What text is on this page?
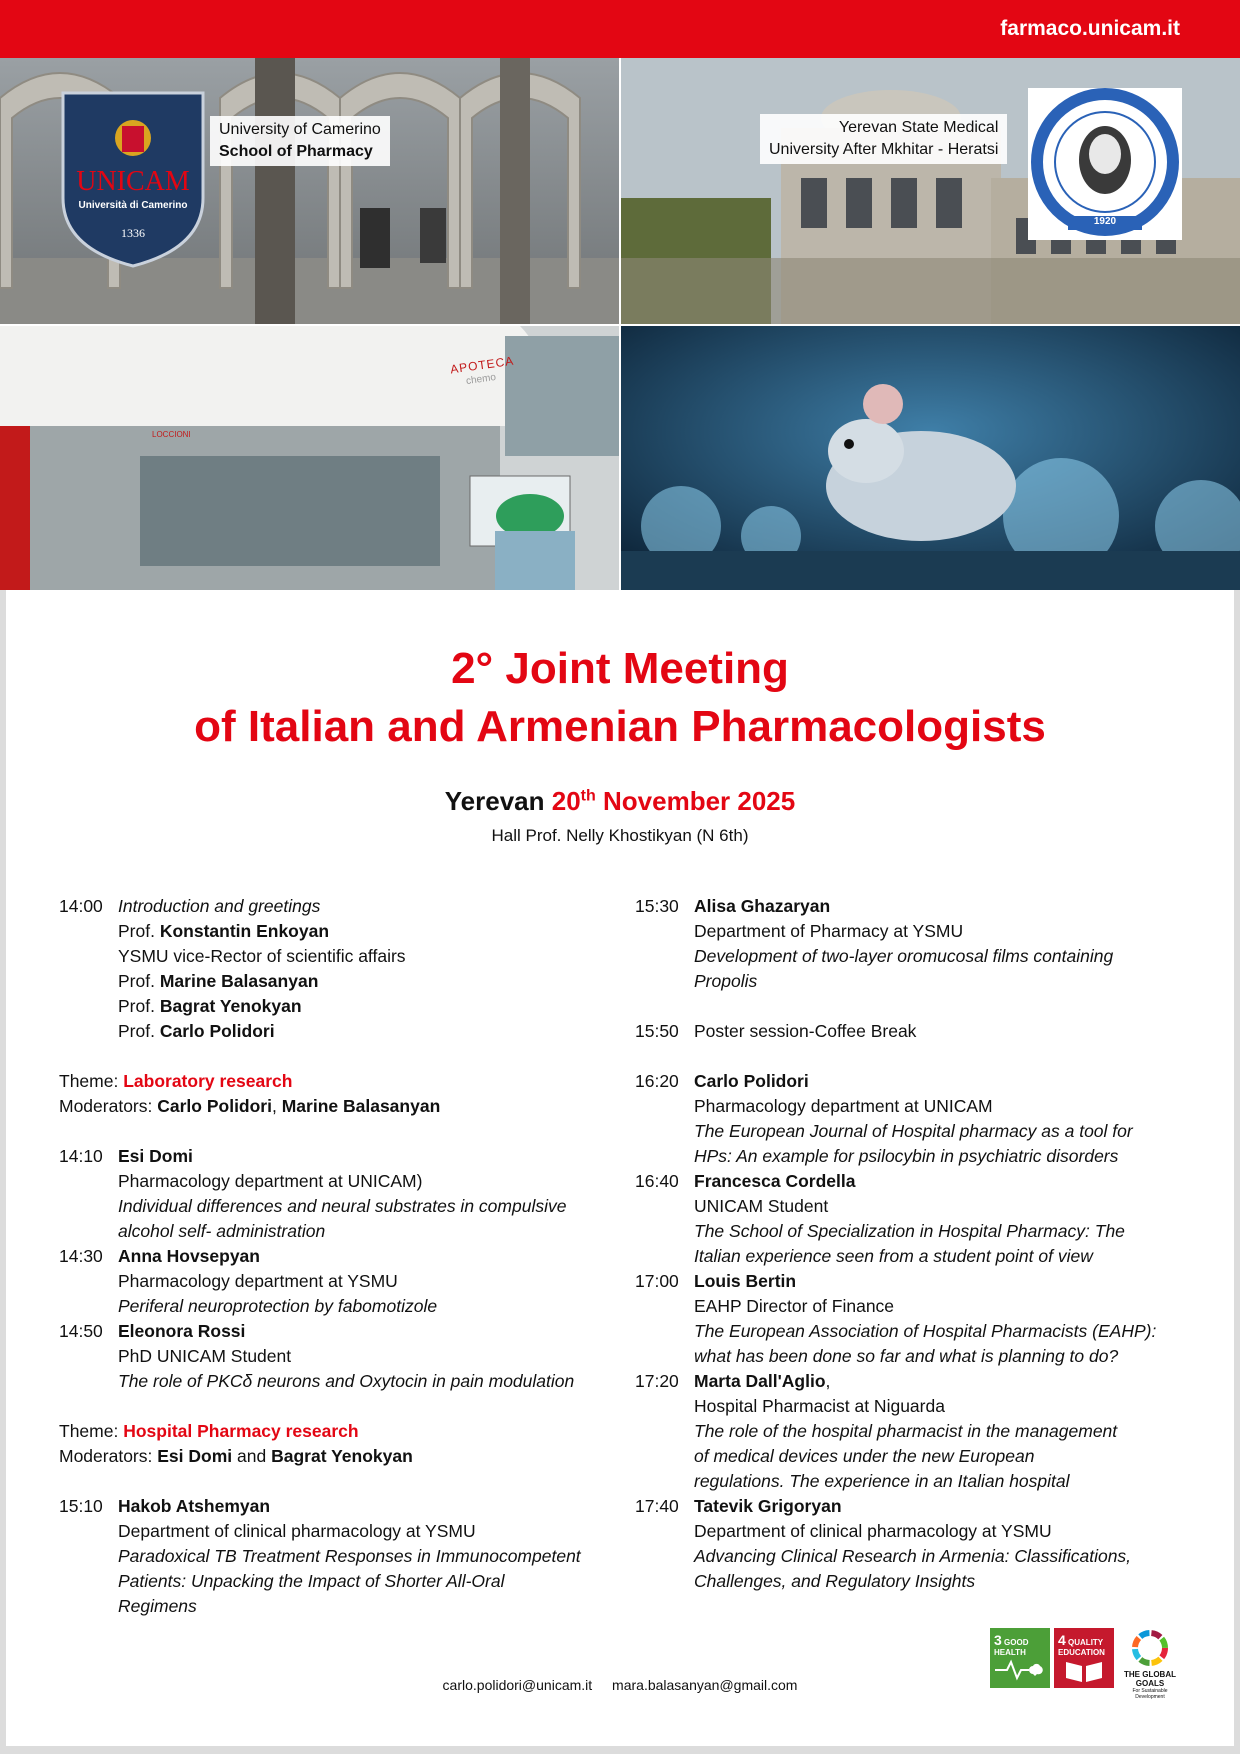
farmaco.unicam.it
UNICAM
Università di Camerino
1336
University of Camerino
School of Pharmacy
Yerevan State Medical
University After Mkhitar - Heratsi
1920
APOTECA
chemo
LOCCIONI
2° Joint Meeting
of Italian and Armenian Pharmacologists
Yerevan 20th November 2025
Hall Prof. Nelly Khostikyan (N 6th)
14:00 Introduction and greetings
Prof. Konstantin Enkoyan
YSMU vice-Rector of scientific affairs
Prof. Marine Balasanyan
Prof. Bagrat Yenokyan
Prof. Carlo Polidori
Theme: Laboratory research
Moderators: Carlo Polidori, Marine Balasanyan
14:10 Esi Domi
Pharmacology department at UNICAM)
Individual differences and neural substrates in compulsive
alcohol self- administration
14:30 Anna Hovsepyan
Pharmacology department at YSMU
Periferal neuroprotection by fabomotizole
14:50 Eleonora Rossi
PhD UNICAM Student
The role of PKCδ neurons and Oxytocin in pain modulation
Theme: Hospital Pharmacy research
Moderators: Esi Domi and Bagrat Yenokyan
15:10 Hakob Atshemyan
Department of clinical pharmacology at YSMU
Paradoxical TB Treatment Responses in Immunocompetent
Patients: Unpacking the Impact of Shorter All-Oral
Regimens
15:30 Alisa Ghazaryan
Department of Pharmacy at YSMU
Development of two-layer oromucosal films containing
Propolis
15:50 Poster session-Coffee Break
16:20 Carlo Polidori
Pharmacology department at UNICAM
The European Journal of Hospital pharmacy as a tool for
HPs: An example for psilocybin in psychiatric disorders
16:40 Francesca Cordella
UNICAM Student
The School of Specialization in Hospital Pharmacy: The
Italian experience seen from a student point of view
17:00 Louis Bertin
EAHP Director of Finance
The European Association of Hospital Pharmacists (EAHP):
what has been done so far and what is planning to do?
17:20 Marta Dall'Aglio,
Hospital Pharmacist at Niguarda
The role of the hospital pharmacist in the management
of medical devices under the new European
regulations. The experience in an Italian hospital
17:40 Tatevik Grigoryan
Department of clinical pharmacology at YSMU
Advancing Clinical Research in Armenia: Classifications,
Challenges, and Regulatory Insights
3 GOOD HEALTH
4 QUALITY EDUCATION
THE GLOBAL GOALS
For Sustainable Development
carlo.polidori@unicam.it mara.balasanyan@gmail.com
